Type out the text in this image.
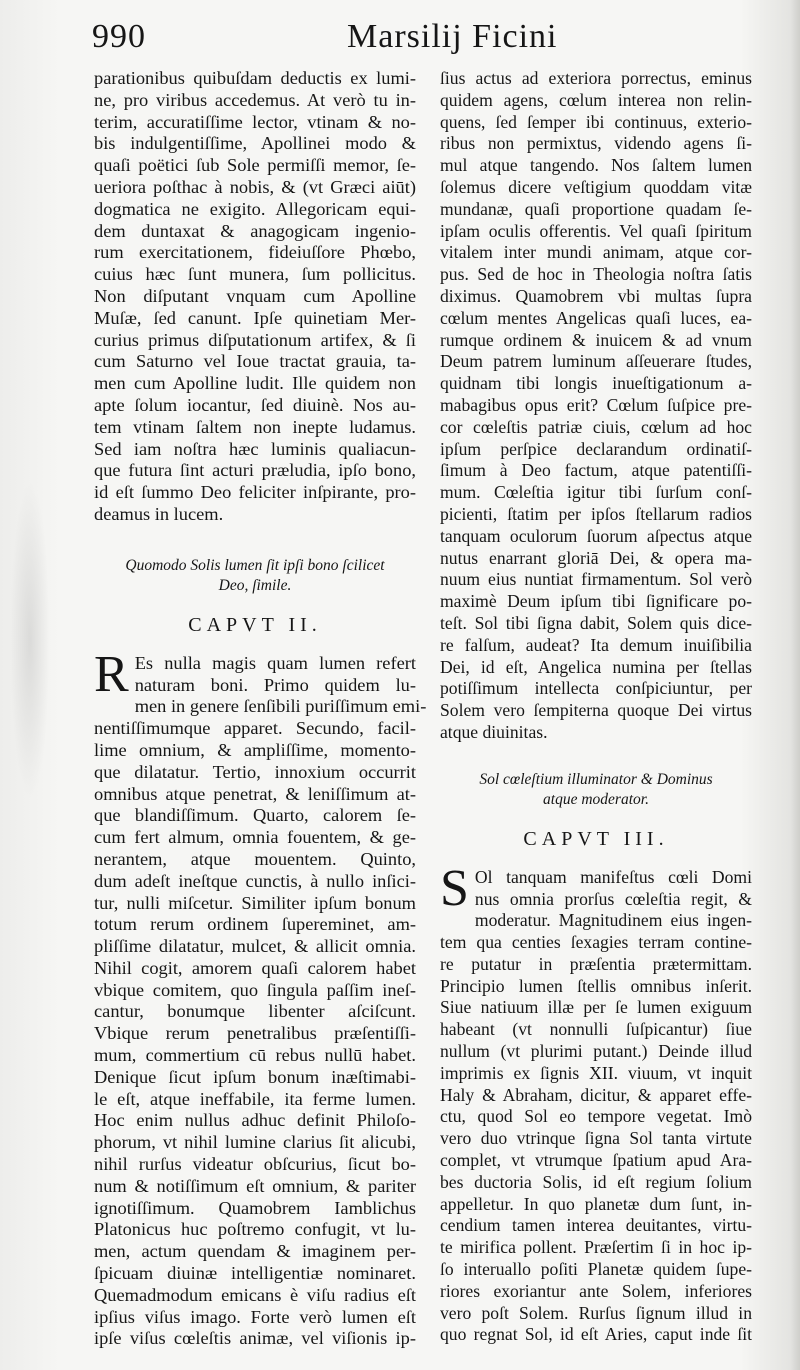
990	Marsilij Ficini
parationibus quibuſdam deductis ex lumi-
ne, pro viribus accedemus. At verò tu in-
terim, accuratiſſime lector, vtinam & no-
bis indulgentiſſime, Apollinei modo &
quaſi poëtici ſub Sole permiſſi memor, ſe-
ueriora poſthac à nobis, & (vt Græci aiūt)
dogmatica ne exigito. Allegoricam equi-
dem duntaxat & anagogicam ingenio-
rum exercitationem, fideiuſſore Phœbo,
cuius hæc ſunt munera, ſum pollicitus.
Non diſputant vnquam cum Apolline
Muſæ, ſed canunt. Ipſe quinetiam Mer-
curius primus diſputationum artifex, & ſi
cum Saturno vel Ioue tractat grauia, ta-
men cum Apolline ludit. Ille quidem non
apte ſolum iocantur, ſed diuinè. Nos au-
tem vtinam ſaltem non inepte ludamus.
Sed iam noſtra hæc luminis qualiacun-
que futura ſint acturi præludia, ipſo bono,
id eſt ſummo Deo feliciter inſpirante, pro-
deamus in lucem.
Quomodo Solis lumen ſit ipſi bono ſcilicet
Deo, ſimile.
CAPVT II.
R Es nulla magis quam lumen refert
naturam boni. Primo quidem lu-
men in genere ſenſibili puriſſimum emi-
nentiſſimumque apparet. Secundo, facil-
lime omnium, & ampliſſime, momento-
que dilatatur. Tertio, innoxium occurrit
omnibus atque penetrat, & leniſſimum at-
que blandiſſimum. Quarto, calorem ſe-
cum fert almum, omnia fouentem, & ge-
nerantem, atque mouentem. Quinto,
dum adeſt ineſtque cunctis, à nullo inſici-
tur, nulli miſcetur. Similiter ipſum bonum
totum rerum ordinem ſupereminet, am-
pliſſime dilatatur, mulcet, & allicit omnia.
Nihil cogit, amorem quaſi calorem habet
vbique comitem, quo ſingula paſſim ineſ-
cantur, bonumque libenter aſciſcunt.
Vbique rerum penetralibus præſentiſſi-
mum, commertium cū rebus nullū habet.
Denique ſicut ipſum bonum inæſtimabi-
le eſt, atque ineffabile, ita ferme lumen.
Hoc enim nullus adhuc definit Philoſo-
phorum, vt nihil lumine clarius ſit alicubi,
nihil rurſus videatur obſcurius, ſicut bo-
num & notiſſimum eſt omnium, & pariter
ignotiſſimum. Quamobrem Iamblichus
Platonicus huc poſtremo confugit, vt lu-
men, actum quendam & imaginem per-
ſpicuam diuinæ intelligentiæ nominaret.
Quemadmodum emicans è viſu radius eſt
ipſius viſus imago. Forte verò lumen eſt
ipſe viſus cœleſtis animæ, vel viſionis ip-
ſius actus ad exteriora porrectus, eminus
quidem agens, cœlum interea non relin-
quens, ſed ſemper ibi continuus, exterio-
ribus non permixtus, videndo agens ſi-
mul atque tangendo. Nos ſaltem lumen
ſolemus dicere veſtigium quoddam vitæ
mundanæ, quaſi proportione quadam ſe-
ipſam oculis offerentis. Vel quaſi ſpiritum
vitalem inter mundi animam, atque cor-
pus. Sed de hoc in Theologia noſtra ſatis
diximus. Quamobrem vbi multas ſupra
cœlum mentes Angelicas quaſi luces, ea-
rumque ordinem & inuicem & ad vnum
Deum patrem luminum aſſeuerare ſtudes,
quidnam tibi longis inueſtigationum a-
mabagibus opus erit? Cœlum ſuſpice pre-
cor cœleſtis patriæ ciuis, cœlum ad hoc
ipſum perſpice declarandum ordinatiſ-
ſimum à Deo factum, atque patentiſſi-
mum. Cœleſtia igitur tibi ſurſum conſ-
picienti, ſtatim per ipſos ſtellarum radios
tanquam oculorum ſuorum aſpectus atque
nutus enarrant gloriā Dei, & opera ma-
nuum eius nuntiat firmamentum. Sol verò
maximè Deum ipſum tibi ſignificare po-
teſt. Sol tibi ſigna dabit, Solem quis dice-
re falſum, audeat? Ita demum inuiſibilia
Dei, id eſt, Angelica numina per ſtellas
potiſſimum intellecta conſpiciuntur, per
Solem vero ſempiterna quoque Dei virtus
atque diuinitas.
Sol cœleſtium illuminator & Dominus
atque moderator.
CAPVT III.
S Ol tanquam manifeſtus cœli Domi
nus omnia prorſus cœleſtia regit, &
moderatur. Magnitudinem eius ingen-
tem qua centies ſexagies terram contine-
re putatur in præſentia prætermittam.
Principio lumen ſtellis omnibus inſerit.
Siue natiuum illæ per ſe lumen exiguum
habeant (vt nonnulli ſuſpicantur) ſiue
nullum (vt plurimi putant.) Deinde illud
imprimis ex ſignis XII. viuum, vt inquit
Haly & Abraham, dicitur, & apparet effe-
ctu, quod Sol eo tempore vegetat. Imò
vero duo vtrinque ſigna Sol tanta virtute
complet, vt vtrumque ſpatium apud Ara-
bes ductoria Solis, id eſt regium ſolium
appelletur. In quo planetæ dum ſunt, in-
cendium tamen interea deuitantes, virtu-
te mirifica pollent. Præſertim ſi in hoc ip-
ſo interuallo poſiti Planetæ quidem ſupe-
riores exoriantur ante Solem, inferiores
vero poſt Solem. Rurſus ſignum illud in
quo regnat Sol, id eſt Aries, caput inde ſit
